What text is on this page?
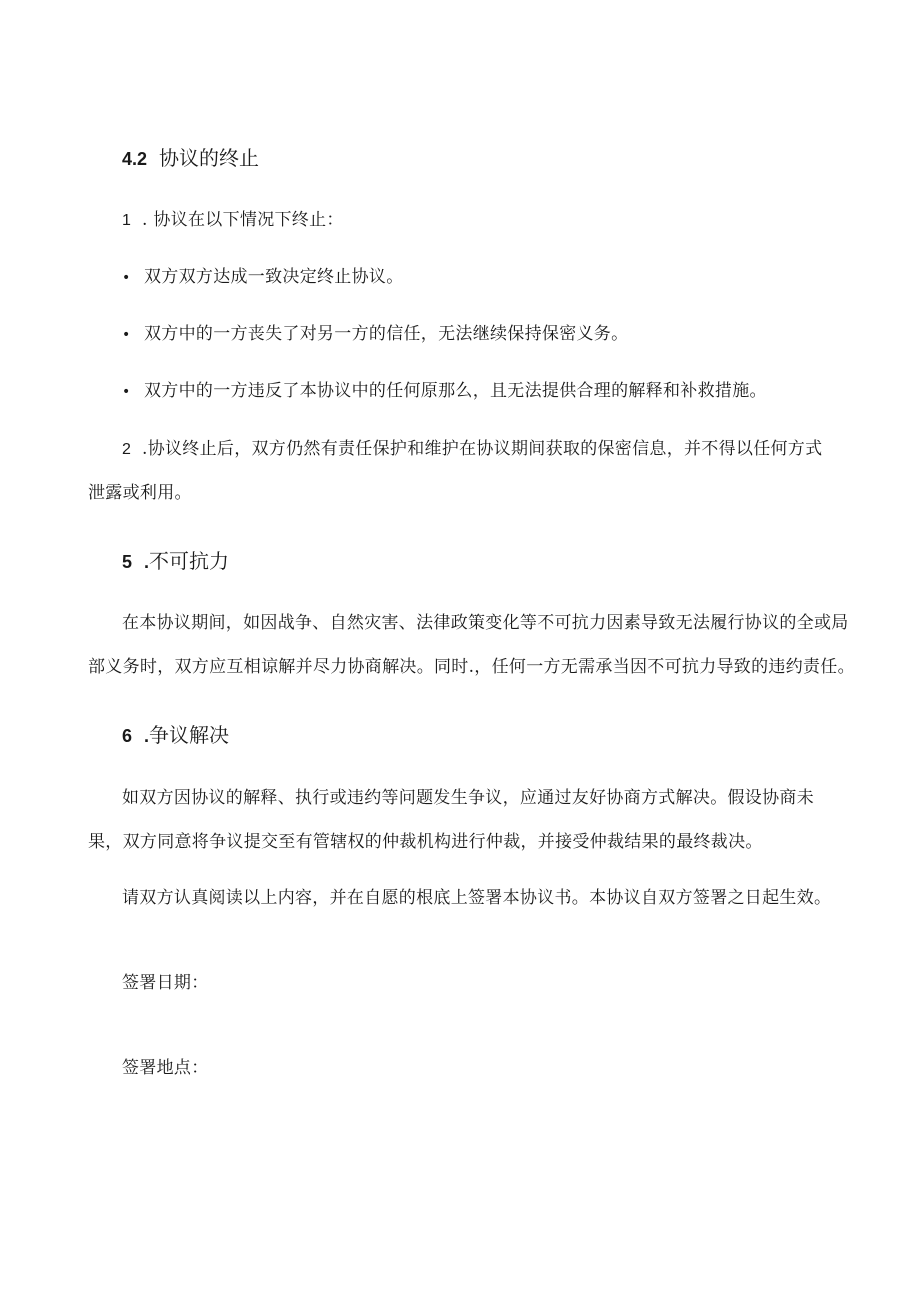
4.2 协议的终止
1 . 协议在以下情况下终止：
• 双方双方达成一致决定终止协议。
• 双方中的一方丧失了对另一方的信任，无法继续保持保密义务。
• 双方中的一方违反了本协议中的任何原那么，且无法提供合理的解释和补救措施。
2 .协议终止后，双方仍然有责任保护和维护在协议期间获取的保密信息，并不得以任何方式
泄露或利用。
5 .不可抗力
在本协议期间，如因战争、自然灾害、法律政策变化等不可抗力因素导致无法履行协议的全或局
部义务时，双方应互相谅解并尽力协商解决。同时.，任何一方无需承当因不可抗力导致的违约责任。
6 .争议解决
如双方因协议的解释、执行或违约等问题发生争议，应通过友好协商方式解决。假设协商未
果，双方同意将争议提交至有管辖权的仲裁机构进行仲裁，并接受仲裁结果的最终裁决。
请双方认真阅读以上内容，并在自愿的根底上签署本协议书。本协议自双方签署之日起生效。
签署日期：
签署地点：
